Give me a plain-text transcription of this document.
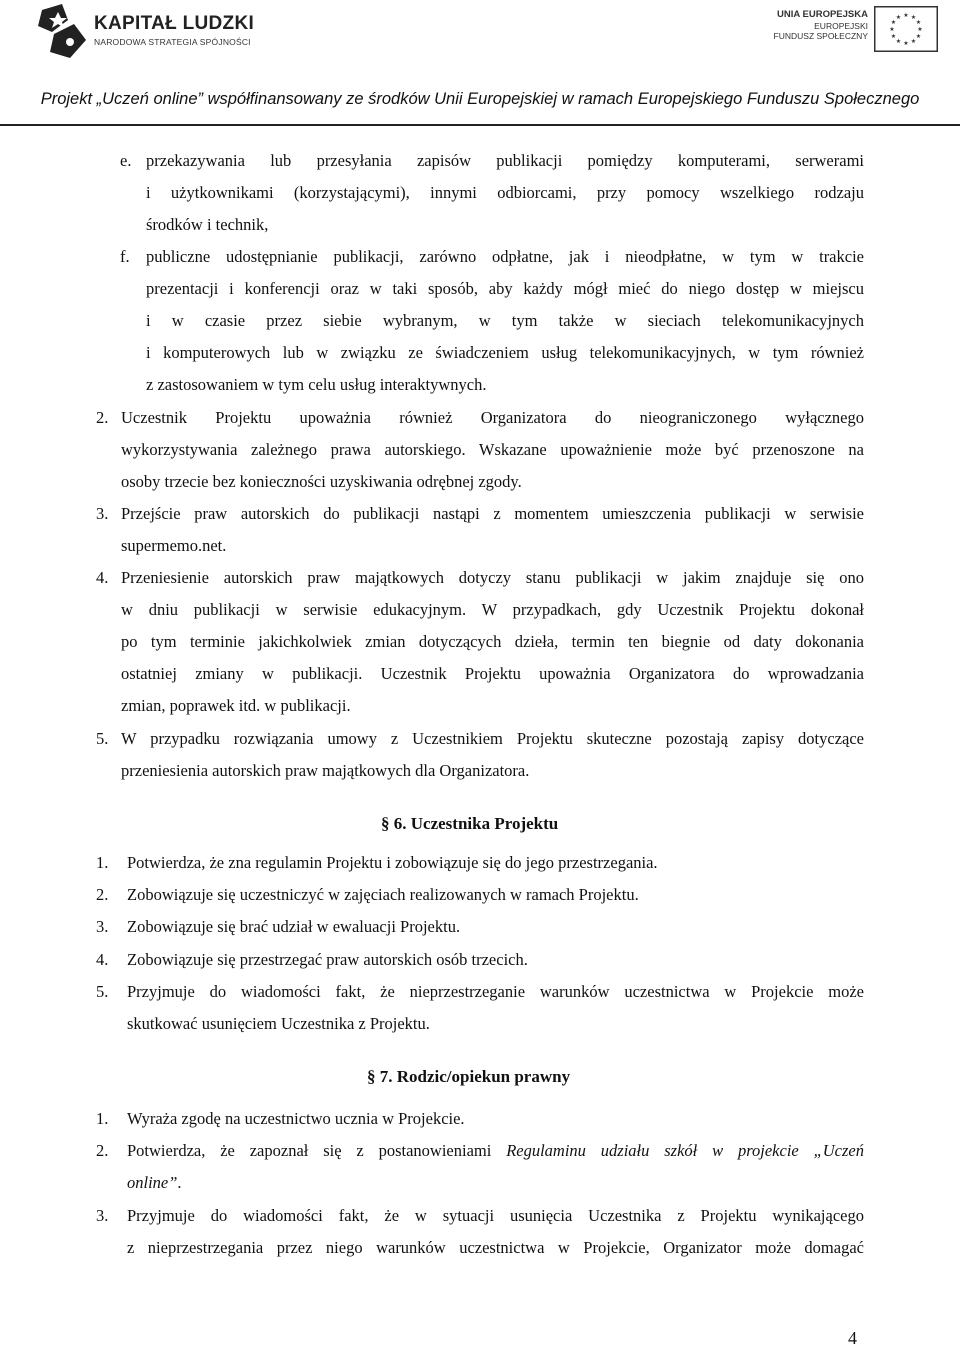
KAPITAŁ LUDZKI
NARODOWA STRATEGIA SPÓJNOŚCI
UNIA EUROPEJSKA
EUROPEJSKI
FUNDUSZ SPOŁECZNY
★ ★
★
★
★
★
★
★
★
★
★
★
Projekt „Uczeń online” współfinansowany ze środków Unii Europejskiej w ramach Europejskiego Funduszu Społecznego
e. przekazywania lub przesyłania zapisów publikacji pomiędzy komputerami, serwerami
i użytkownikami (korzystającymi), innymi odbiorcami, przy pomocy wszelkiego rodzaju
środków i technik,
f. publiczne udostępnianie publikacji, zarówno odpłatne, jak i nieodpłatne, w tym w trakcie
prezentacji i konferencji oraz w taki sposób, aby każdy mógł mieć do niego dostęp w miejscu
i w czasie przez siebie wybranym, w tym także w sieciach telekomunikacyjnych
i komputerowych lub w związku ze świadczeniem usług telekomunikacyjnych, w tym również
z zastosowaniem w tym celu usług interaktywnych.
2. Uczestnik Projektu upoważnia również Organizatora do nieograniczonego wyłącznego
wykorzystywania zależnego prawa autorskiego. Wskazane upoważnienie może być przenoszone na
osoby trzecie bez konieczności uzyskiwania odrębnej zgody.
3. Przejście praw autorskich do publikacji nastąpi z momentem umieszczenia publikacji w serwisie
supermemo.net.
4. Przeniesienie autorskich praw majątkowych dotyczy stanu publikacji w jakim znajduje się ono
w dniu publikacji w serwisie edukacyjnym. W przypadkach, gdy Uczestnik Projektu dokonał
po tym terminie jakichkolwiek zmian dotyczących dzieła, termin ten biegnie od daty dokonania
ostatniej zmiany w publikacji. Uczestnik Projektu upoważnia Organizatora do wprowadzania
zmian, poprawek itd. w publikacji.
5. W przypadku rozwiązania umowy z Uczestnikiem Projektu skuteczne pozostają zapisy dotyczące
przeniesienia autorskich praw majątkowych dla Organizatora.
§ 6. Uczestnika Projektu
1. Potwierdza, że zna regulamin Projektu i zobowiązuje się do jego przestrzegania.
2. Zobowiązuje się uczestniczyć w zajęciach realizowanych w ramach Projektu.
3. Zobowiązuje się brać udział w ewaluacji Projektu.
4. Zobowiązuje się przestrzegać praw autorskich osób trzecich.
5. Przyjmuje do wiadomości fakt, że nieprzestrzeganie warunków uczestnictwa w Projekcie może
skutkować usunięciem Uczestnika z Projektu.
§ 7. Rodzic/opiekun prawny
1. Wyraża zgodę na uczestnictwo ucznia w Projekcie.
2. Potwierdza, że zapoznał się z postanowieniami Regulaminu udziału szkół w projekcie „Uczeń
online”.
3. Przyjmuje do wiadomości fakt, że w sytuacji usunięcia Uczestnika z Projektu wynikającego
z nieprzestrzegania przez niego warunków uczestnictwa w Projekcie, Organizator może domagać
4
